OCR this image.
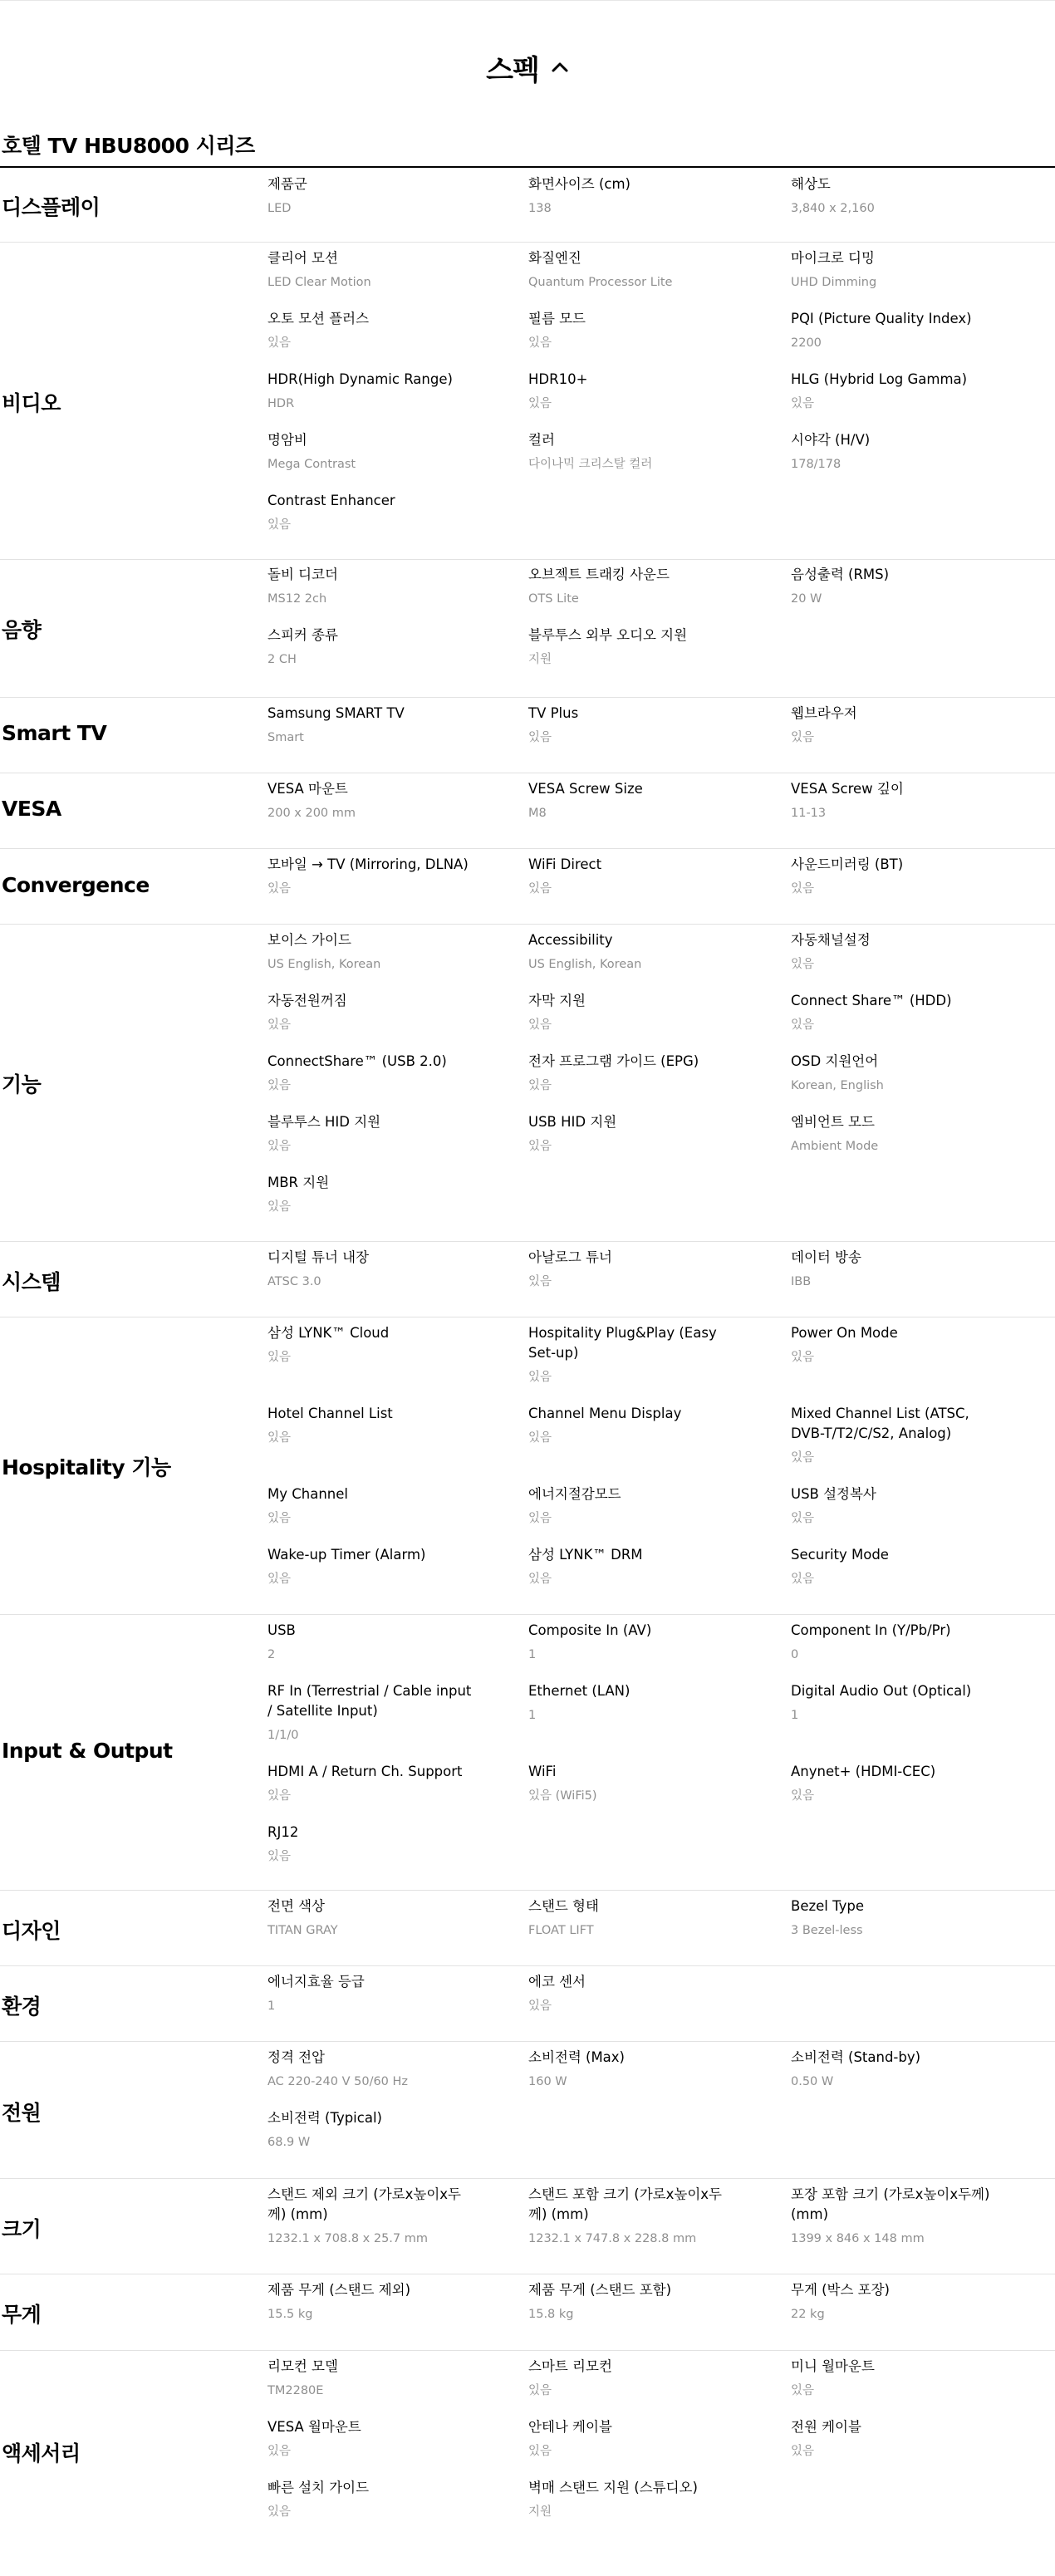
스펙
호텔 TV HBU8000 시리즈
디스플레이
제품군
LED
화면사이즈 (cm)
138
해상도
3,840 x 2,160
비디오
클리어 모션
LED Clear Motion
화질엔진
Quantum Processor Lite
마이크로 디밍
UHD Dimming
오토 모션 플러스
있음
필름 모드
있음
PQI (Picture Quality Index)
2200
HDR(High Dynamic Range)
HDR
HDR10+
있음
HLG (Hybrid Log Gamma)
있음
명암비
Mega Contrast
컬러
다이나믹 크리스탈 컬러
시야각 (H/V)
178/178
Contrast Enhancer
있음
음향
돌비 디코더
MS12 2ch
오브젝트 트래킹 사운드
OTS Lite
음성출력 (RMS)
20 W
스피커 종류
2 CH
블루투스 외부 오디오 지원
지원
Smart TV
Samsung SMART TV
Smart
TV Plus
있음
웹브라우저
있음
VESA
VESA 마운트
200 x 200 mm
VESA Screw Size
M8
VESA Screw 깊이
11-13
Convergence
모바일 → TV (Mirroring, DLNA)
있음
WiFi Direct
있음
사운드미러링 (BT)
있음
기능
보이스 가이드
US English, Korean
Accessibility
US English, Korean
자동채널설정
있음
자동전원꺼짐
있음
자막 지원
있음
Connect Share™ (HDD)
있음
ConnectShare™ (USB 2.0)
있음
전자 프로그램 가이드 (EPG)
있음
OSD 지원언어
Korean, English
블루투스 HID 지원
있음
USB HID 지원
있음
엠비언트 모드
Ambient Mode
MBR 지원
있음
시스템
디지털 튜너 내장
ATSC 3.0
아날로그 튜너
있음
데이터 방송
IBB
Hospitality 기능
삼성 LYNK™ Cloud
있음
Hospitality Plug&Play (Easy Set-up)
있음
Power On Mode
있음
Hotel Channel List
있음
Channel Menu Display
있음
Mixed Channel List (ATSC, DVB-T/T2/C/S2, Analog)
있음
My Channel
있음
에너지절감모드
있음
USB 설정복사
있음
Wake-up Timer (Alarm)
있음
삼성 LYNK™ DRM
있음
Security Mode
있음
Input & Output
USB
2
Composite In (AV)
1
Component In (Y/Pb/Pr)
0
RF In (Terrestrial / Cable input / Satellite Input)
1/1/0
Ethernet (LAN)
1
Digital Audio Out (Optical)
1
HDMI A / Return Ch. Support
있음
WiFi
있음 (WiFi5)
Anynet+ (HDMI-CEC)
있음
RJ12
있음
디자인
전면 색상
TITAN GRAY
스탠드 형태
FLOAT LIFT
Bezel Type
3 Bezel-less
환경
에너지효율 등급
1
에코 센서
있음
전원
정격 전압
AC 220-240 V 50/60 Hz
소비전력 (Max)
160 W
소비전력 (Stand-by)
0.50 W
소비전력 (Typical)
68.9 W
크기
스탠드 제외 크기 (가로x높이x두께) (mm)
1232.1 x 708.8 x 25.7 mm
스탠드 포함 크기 (가로x높이x두께) (mm)
1232.1 x 747.8 x 228.8 mm
포장 포함 크기 (가로x높이x두께) (mm)
1399 x 846 x 148 mm
무게
제품 무게 (스탠드 제외)
15.5 kg
제품 무게 (스탠드 포함)
15.8 kg
무게 (박스 포장)
22 kg
액세서리
리모컨 모델
TM2280E
스마트 리모컨
있음
미니 월마운트
있음
VESA 월마운트
있음
안테나 케이블
있음
전원 케이블
있음
빠른 설치 가이드
있음
벽매 스탠드 지원 (스튜디오)
지원
